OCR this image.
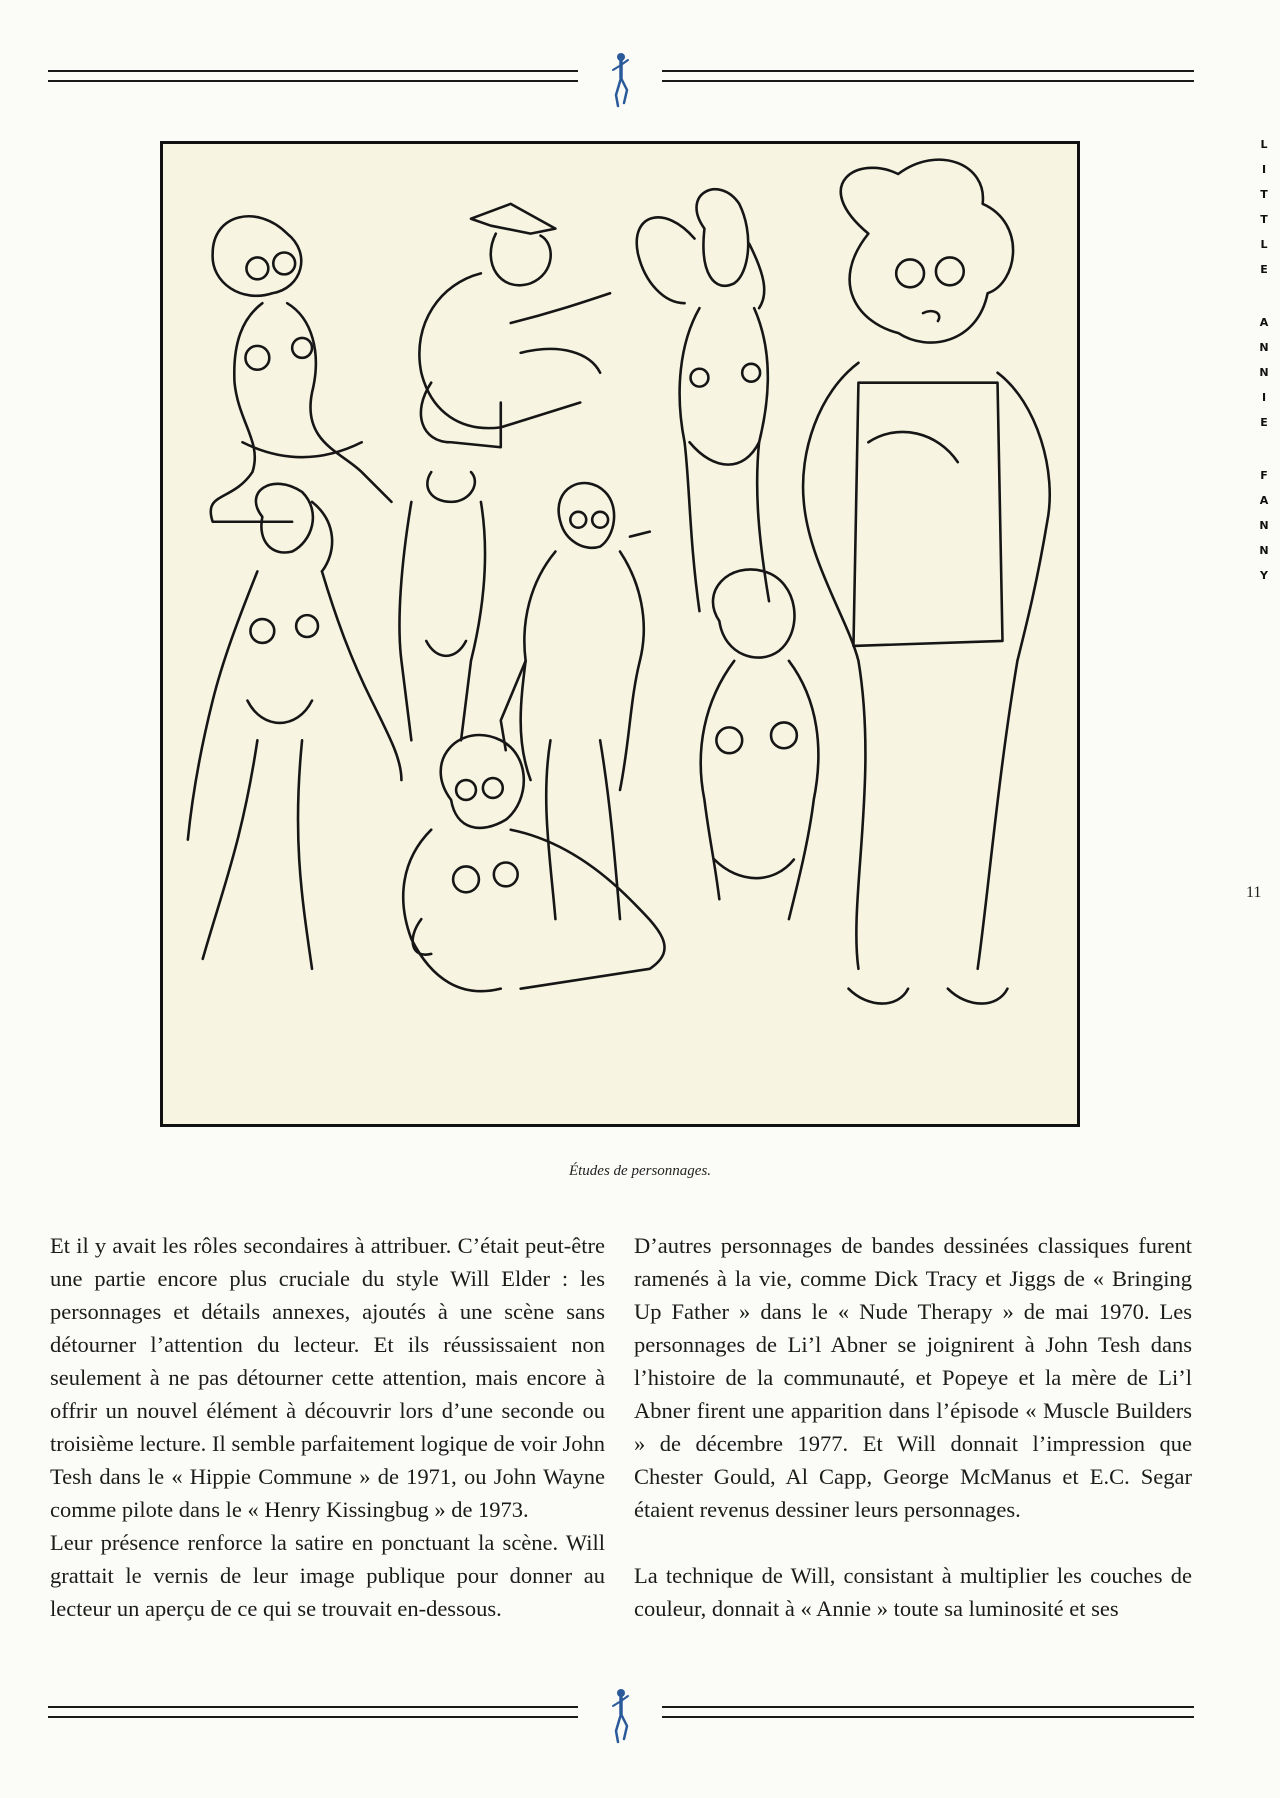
L
I
T
T
L
E

A
N
N
I
E

F
A
N
N
Y
Études de personnages.

Et il y avait les rôles secondaires à attribuer. C’était peut-être une partie encore plus cruciale du style Will Elder : les personnages et détails annexes, ajoutés à une scène sans détourner l’attention du lecteur. Et ils réussissaient non seulement à ne pas détourner cette attention, mais encore à offrir un nouvel élément à découvrir lors d’une seconde ou troisième lecture. Il semble parfaitement logique de voir John Tesh dans le « Hippie Commune » de 1971, ou John Wayne comme pilote dans le « Henry Kissingbug » de 1973.

Leur présence renforce la satire en ponctuant la scène. Will grattait le vernis de leur image publique pour donner au lecteur un aperçu de ce qui se trouvait en-dessous.

D’autres personnages de bandes dessinées classiques furent ramenés à la vie, comme Dick Tracy et Jiggs de « Bringing Up Father » dans le « Nude Therapy » de mai 1970. Les personnages de Li’l Abner se joignirent à John Tesh dans l’histoire de la communauté, et Popeye et la mère de Li’l Abner firent une apparition dans l’épisode « Muscle Builders » de décembre 1977. Et Will donnait l’impression que Chester Gould, Al Capp, George McManus et E.C. Segar étaient revenus dessiner leurs personnages.

La technique de Will, consistant à multiplier les couches de couleur, donnait à « Annie » toute sa luminosité et ses

11
